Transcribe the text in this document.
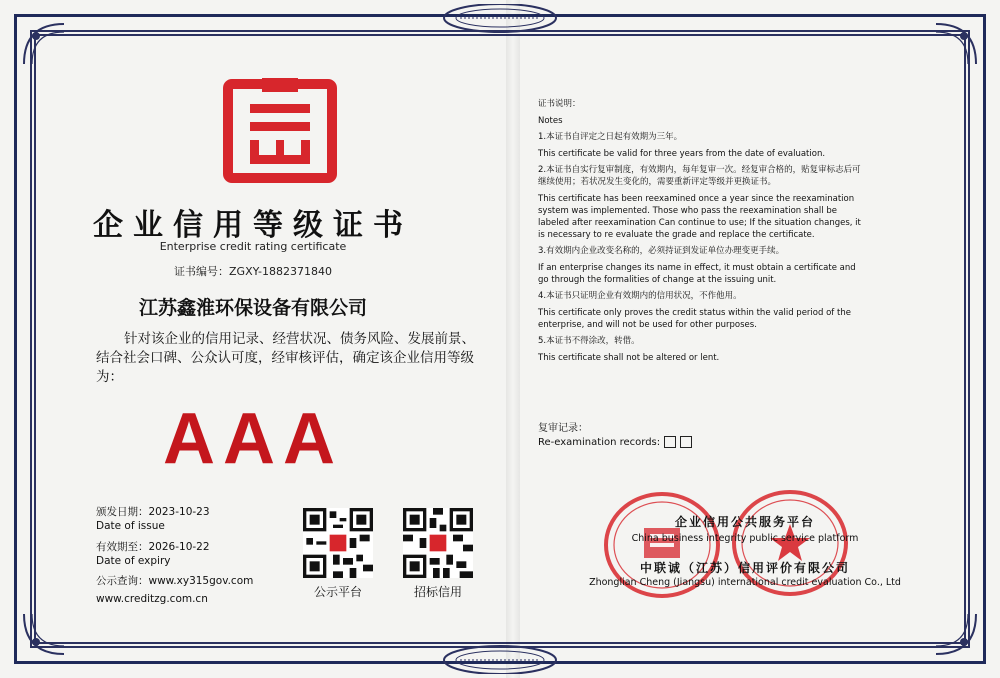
企业信用等级证书
Enterprise credit rating certificate
证书编号：ZGXY-1882371840
江苏鑫淮环保设备有限公司
针对该企业的信用记录、经营状况、债务风险、发展前景、结合社会口碑、公众认可度，经审核评估，确定该企业信用等级为：
AAA
颁发日期：2023-10-23
Date of issue
有效期至：2026-10-22
Date of expiry
公示查询：www.xy315gov.com
www.creditzg.com.cn	公示平台	招标信用

证书说明：

Notes

1.本证书自评定之日起有效期为三年。

This certificate be valid for three years from the date of evaluation.

2.本证书自实行复审制度，有效期内，每年复审一次。经复审合格的，贴复审标志后可继续使用；若状况发生变化的，需要重新评定等级并更换证书。

This certificate has been reexamined once a year since the reexamination system was implemented. Those who pass the reexamination shall be labeled after reexamination Can continue to use; If the situation changes, it is necessary to re evaluate the grade and replace the certificate.

3.有效期内企业改变名称的，必须持证到发证单位办理变更手续。

If an enterprise changes its name in effect, it must obtain a certificate and go through the formalities of change at the issuing unit.

4.本证书只证明企业有效期内的信用状况，不作他用。

This certificate only proves the credit status within the valid period of the enterprise, and will not be used for other purposes.

5.本证书不得涂改，转借。

This certificate shall not be altered or lent.

复审记录：
Re-examination records:
企业信用公共服务平台
China business integrity public service platform
中联诚（江苏）信用评价有限公司
Zhonglian Cheng (Jiangsu) international credit evaluation Co., Ltd
